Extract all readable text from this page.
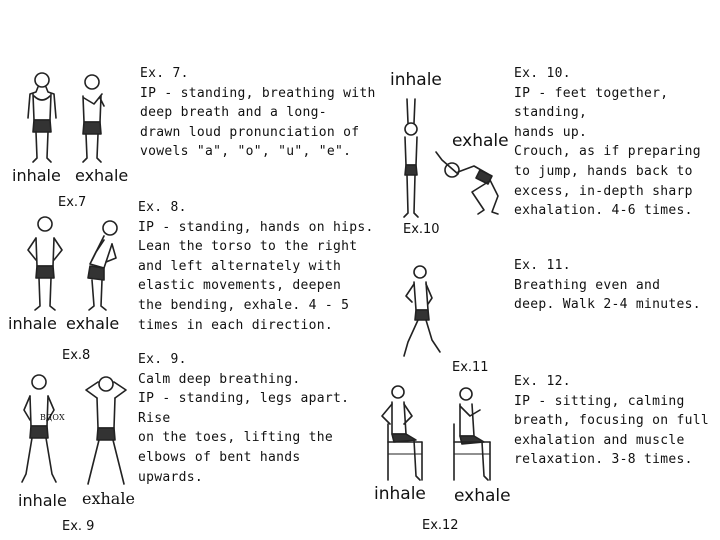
inhale exhale
Ex.7
inhale exhale
Ex.8
ВДОХ
inhale exhale
Ex. 9
Ex. 7.
IP - standing, breathing with
deep breath and a long-
drawn loud pronunciation of
vowels "a", "o", "u", "e".
Ex. 8.
IP - standing, hands on hips.
Lean the torso to the right
and left alternately with
elastic movements, deepen
the bending, exhale. 4 - 5
times in each direction.
Ex. 9.
Calm deep breathing.
IP - standing, legs apart. Rise
on the toes, lifting the
elbows of bent hands
upwards.
inhale
exhale
Ex.10
Ex.11
inhale exhale
Ex.12
Ex. 10.
IP - feet together,
standing,
hands up.
Crouch, as if preparing
to jump, hands back to
excess, in-depth sharp
exhalation. 4-6 times.
Ex. 11.
Breathing even and
deep. Walk 2-4 minutes.
Ex. 12.
IP - sitting, calming
breath, focusing on full
exhalation and muscle
relaxation. 3-8 times.
